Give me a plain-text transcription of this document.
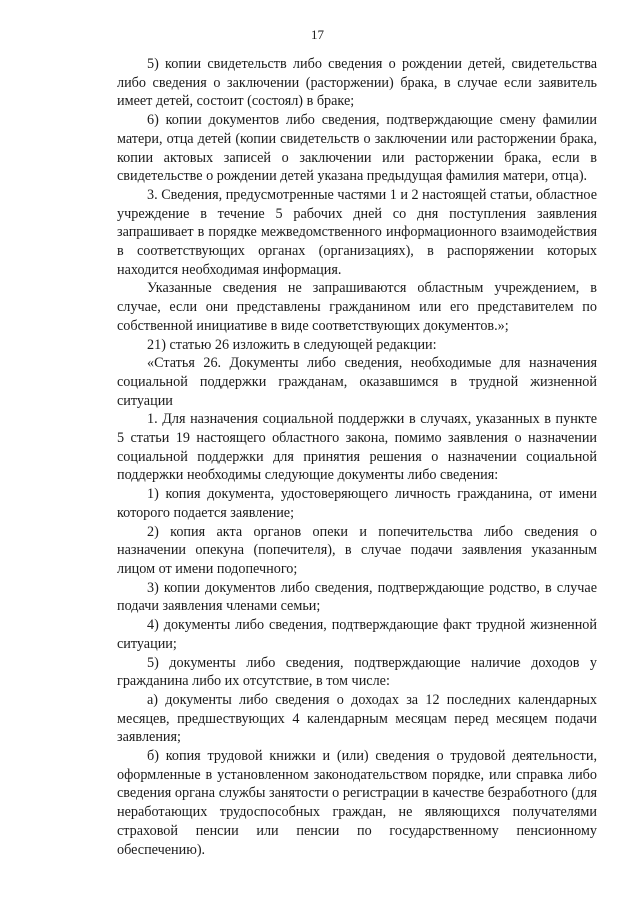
17

5) копии свидетельств либо сведения о рождении детей, свидетельства либо сведения о заключении (расторжении) брака, в случае если заявитель имеет детей, состоит (состоял) в браке;

6) копии документов либо сведения, подтверждающие смену фамилии матери, отца детей (копии свидетельств о заключении или расторжении брака, копии актовых записей о заключении или расторжении брака, если в свидетельстве о рождении детей указана предыдущая фамилия матери, отца).

3. Сведения, предусмотренные частями 1 и 2 настоящей статьи, областное учреждение в течение 5 рабочих дней со дня поступления заявления запрашивает в порядке межведомственного информационного взаимодействия в соответствующих органах (организациях), в распоряжении которых находится необходимая информация.

Указанные сведения не запрашиваются областным учреждением, в случае, если они представлены гражданином или его представителем по собственной инициативе в виде соответствующих документов.»;

21) статью 26 изложить в следующей редакции:

«Статья 26. Документы либо сведения, необходимые для назначения социальной поддержки гражданам, оказавшимся в трудной жизненной ситуации

1. Для назначения социальной поддержки в случаях, указанных в пункте 5 статьи 19 настоящего областного закона, помимо заявления о назначении социальной поддержки для принятия решения о назначении социальной поддержки необходимы следующие документы либо сведения:

1) копия документа, удостоверяющего личность гражданина, от имени которого подается заявление;

2) копия акта органов опеки и попечительства либо сведения о назначении опекуна (попечителя), в случае подачи заявления указанным лицом от имени подопечного;

3) копии документов либо сведения, подтверждающие родство, в случае подачи заявления членами семьи;

4) документы либо сведения, подтверждающие факт трудной жизненной ситуации;

5) документы либо сведения, подтверждающие наличие доходов у гражданина либо их отсутствие, в том числе:

а) документы либо сведения о доходах за 12 последних календарных месяцев, предшествующих 4 календарным месяцам перед месяцем подачи заявления;

б) копия трудовой книжки и (или) сведения о трудовой деятельности, оформленные в установленном законодательством порядке, или справка либо сведения органа службы занятости о регистрации в качестве безработного (для неработающих трудоспособных граждан, не являющихся получателями страховой пенсии или пенсии по государственному пенсионному обеспечению).
